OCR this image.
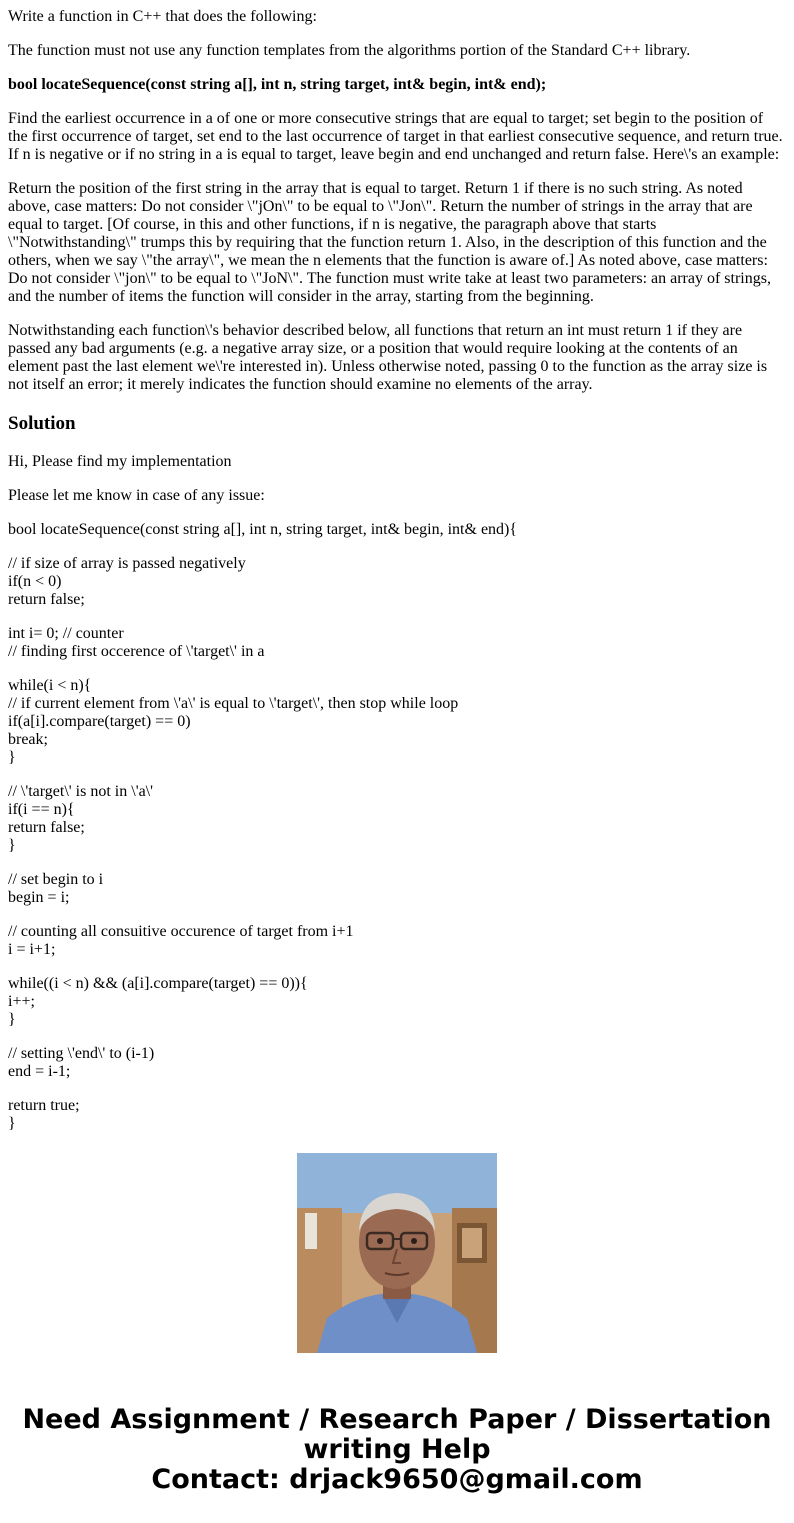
Write a function in C++ that does the following:

The function must not use any function templates from the algorithms portion of the Standard C++ library.

bool locateSequence(const string a[], int n, string target, int& begin, int& end);

Find the earliest occurrence in a of one or more consecutive strings that are equal to target; set begin to the position of the first occurrence of target, set end to the last occurrence of target in that earliest consecutive sequence, and return true. If n is negative or if no string in a is equal to target, leave begin and end unchanged and return false. Here\'s an example:

Return the position of the first string in the array that is equal to target. Return 1 if there is no such string. As noted above, case matters: Do not consider \"jOn\" to be equal to \"Jon\". Return the number of strings in the array that are equal to target. [Of course, in this and other functions, if n is negative, the paragraph above that starts \"Notwithstanding\" trumps this by requiring that the function return 1. Also, in the description of this function and the others, when we say \"the array\", we mean the n elements that the function is aware of.] As noted above, case matters: Do not consider \"jon\" to be equal to \"JoN\". The function must write take at least two parameters: an array of strings, and the number of items the function will consider in the array, starting from the beginning.

Notwithstanding each function\'s behavior described below, all functions that return an int must return 1 if they are passed any bad arguments (e.g. a negative array size, or a position that would require looking at the contents of an element past the last element we\'re interested in). Unless otherwise noted, passing 0 to the function as the array size is not itself an error; it merely indicates the function should examine no elements of the array.

Solution

Hi, Please find my implementation

Please let me know in case of any issue:

bool locateSequence(const string a[], int n, string target, int& begin, int& end){
// if size of array is passed negatively
if(n < 0)
return false;
int i= 0; // counter
// finding first occerence of \'target\' in a
while(i < n){
// if current element from \'a\' is equal to \'target\', then stop while loop
if(a[i].compare(target) == 0)
break;
}
// \'target\' is not in \'a\'
if(i == n){
return false;
}
// set begin to i
begin = i;
// counting all consuitive occurence of target from i+1
i = i+1;
while((i < n) && (a[i].compare(target) == 0)){
i++;
}
// setting \'end\' to (i-1)
end = i-1;
return true;
}
Need Assignment / Research Paper / Dissertation
writing Help
Contact: drjack9650@gmail.com
